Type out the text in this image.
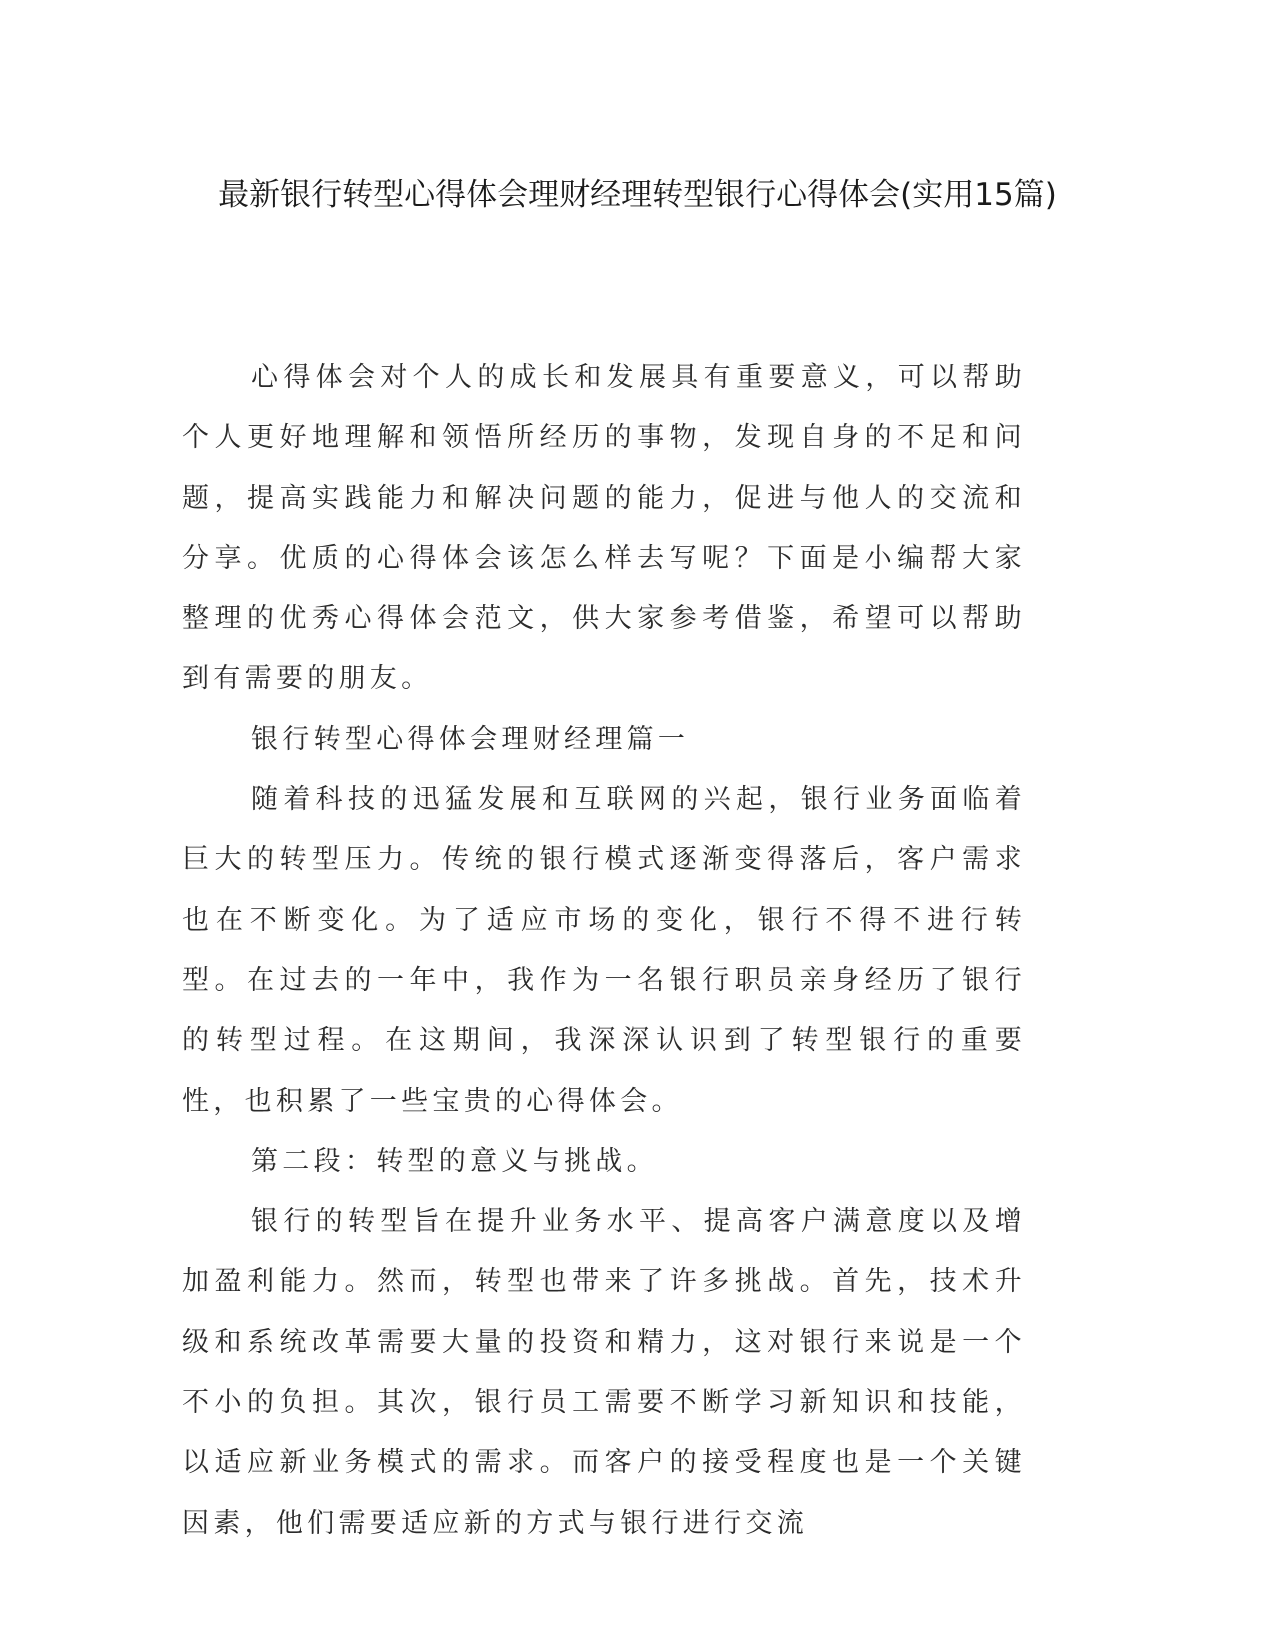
最新银行转型心得体会理财经理转型银行心得体会(实用15篇)

心得体会对个人的成长和发展具有重要意义，可以帮助个人更好地理解和领悟所经历的事物，发现自身的不足和问题，提高实践能力和解决问题的能力，促进与他人的交流和分享。优质的心得体会该怎么样去写呢？下面是小编帮大家整理的优秀心得体会范文，供大家参考借鉴，希望可以帮助到有需要的朋友。

银行转型心得体会理财经理篇一

随着科技的迅猛发展和互联网的兴起，银行业务面临着巨大的转型压力。传统的银行模式逐渐变得落后，客户需求也在不断变化。为了适应市场的变化，银行不得不进行转型。在过去的一年中，我作为一名银行职员亲身经历了银行的转型过程。在这期间，我深深认识到了转型银行的重要性，也积累了一些宝贵的心得体会。

第二段：转型的意义与挑战。

银行的转型旨在提升业务水平、提高客户满意度以及增加盈利能力。然而，转型也带来了许多挑战。首先，技术升级和系统改革需要大量的投资和精力，这对银行来说是一个不小的负担。其次，银行员工需要不断学习新知识和技能，以适应新业务模式的需求。而客户的接受程度也是一个关键因素，他们需要适应新的方式与银行进行交流
